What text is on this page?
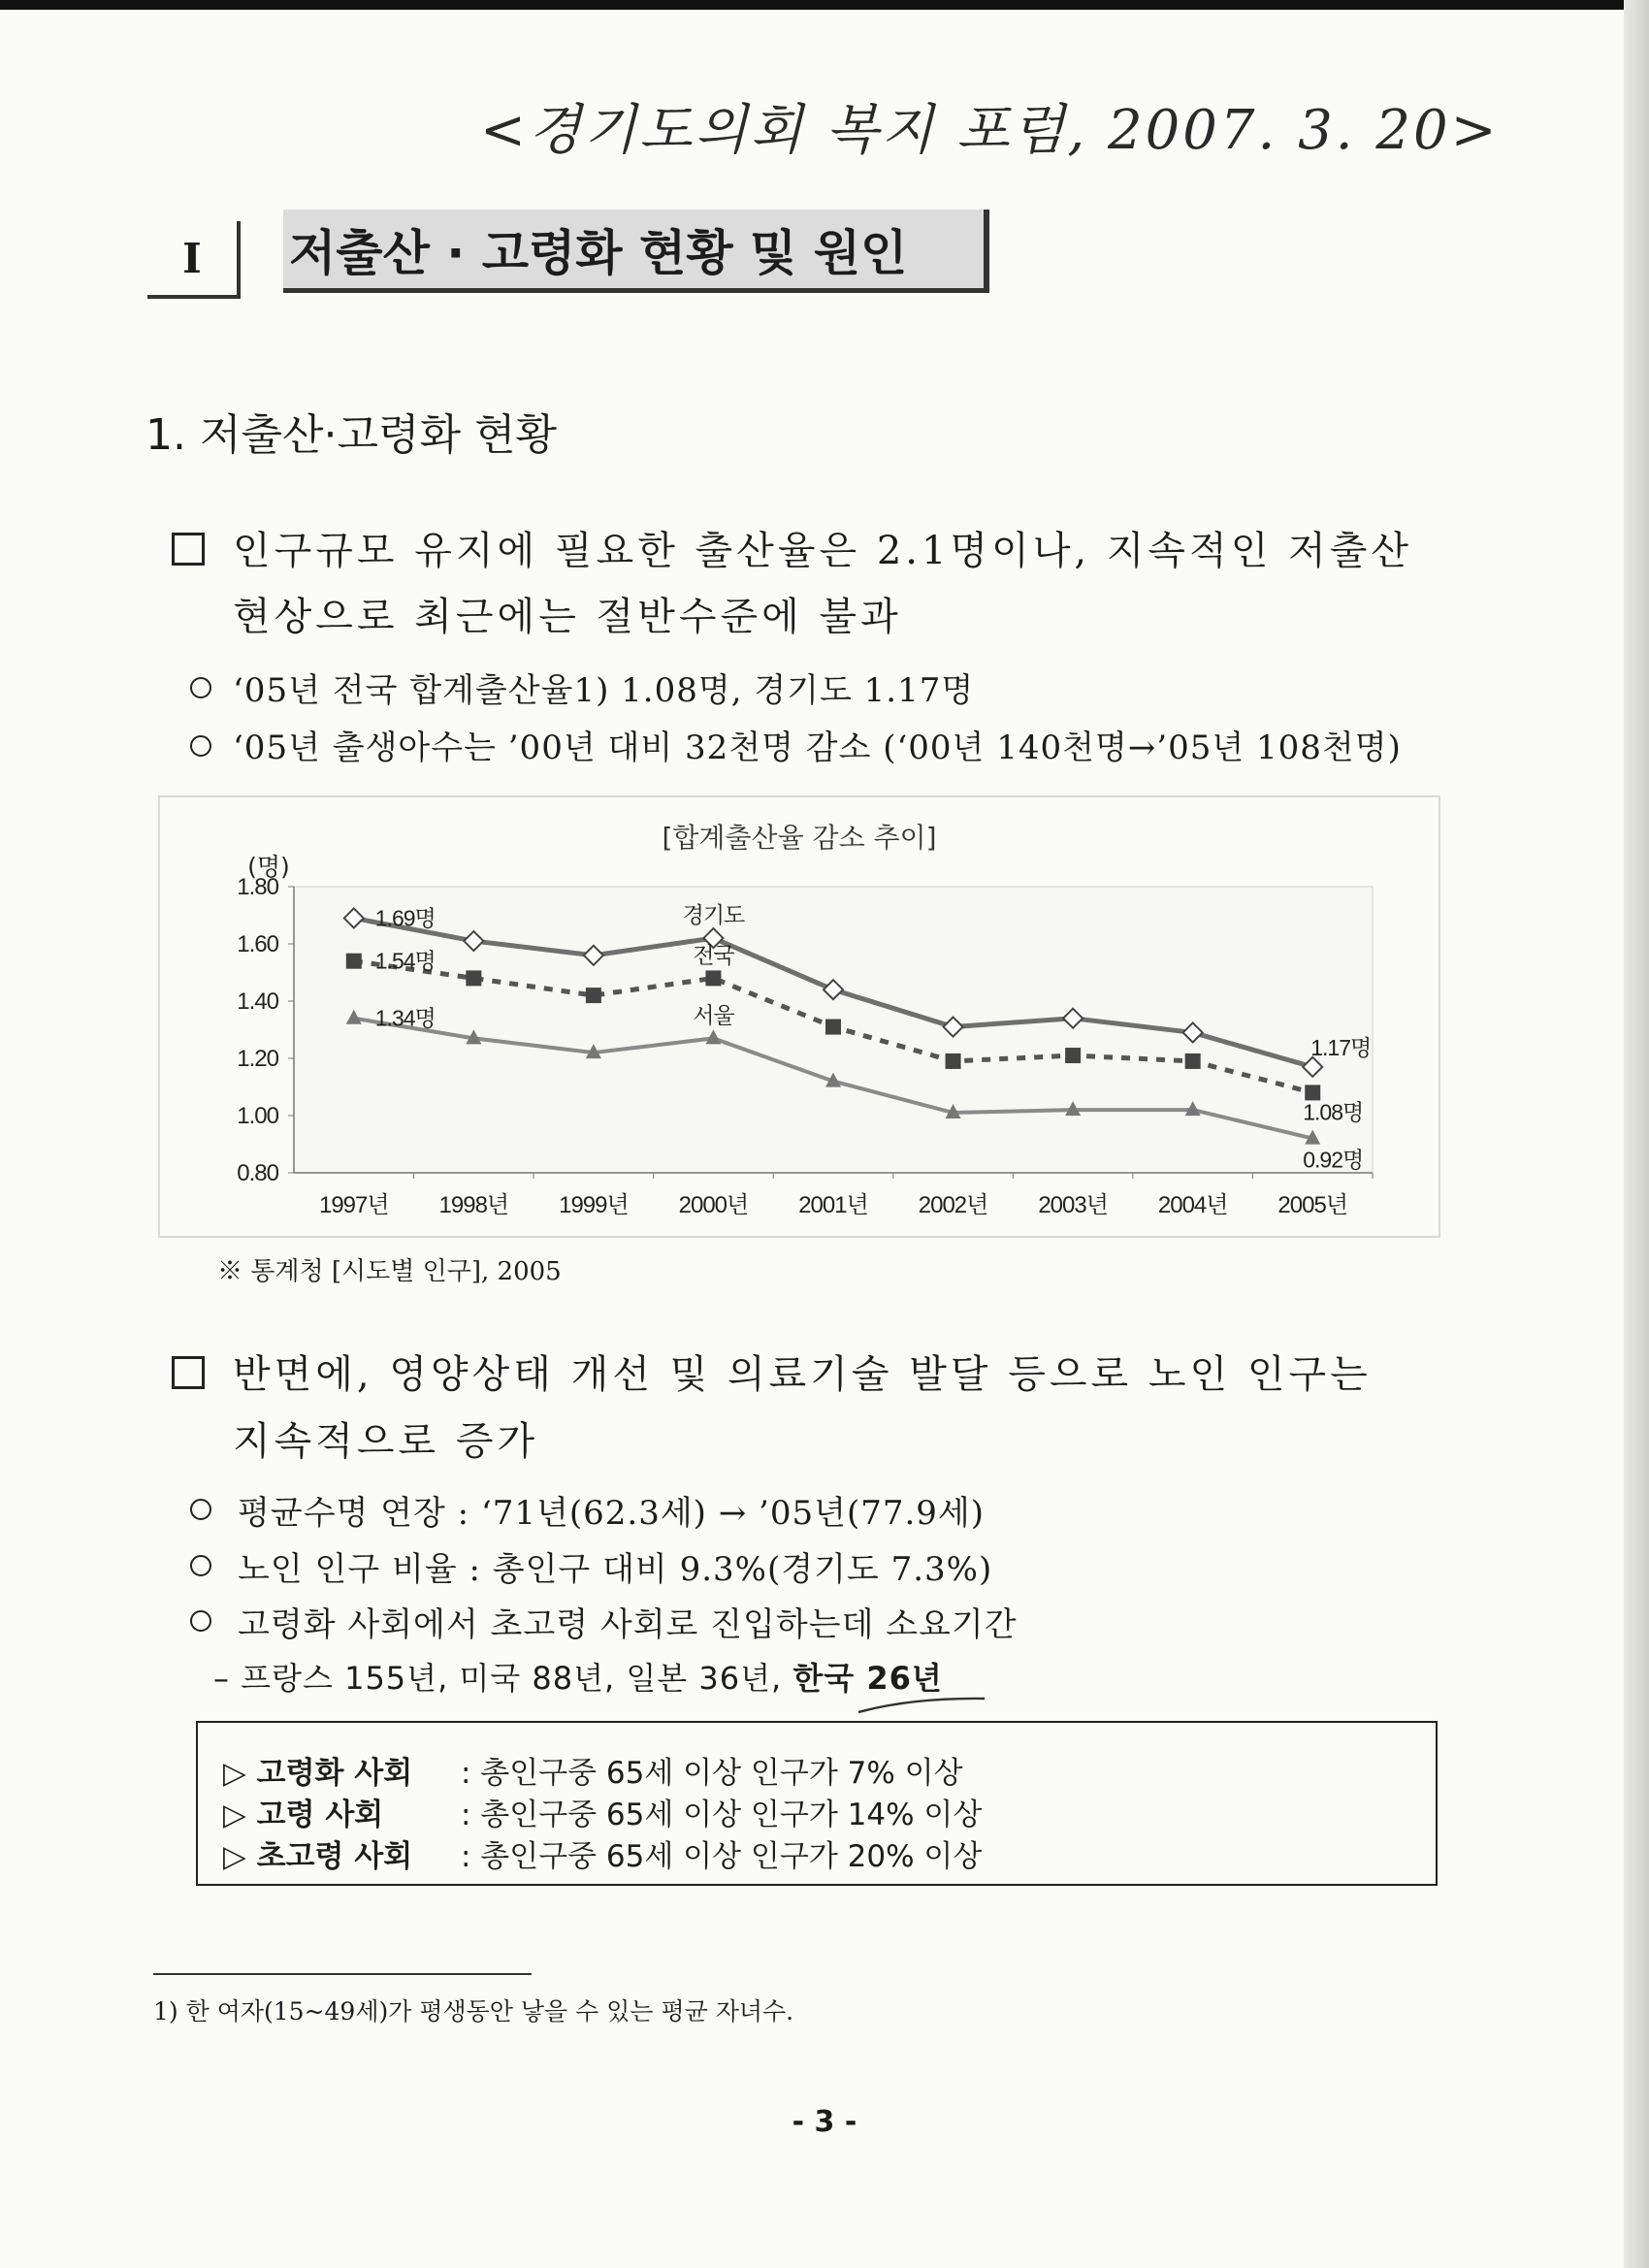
<경기도의회 복지 포럼, 2007. 3. 20>
I	저출산 · 고령화 현황 및 원인
1. 저출산·고령화 현황
인구규모 유지에 필요한 출산율은 2.1명이나, 지속적인 저출산
현상으로 최근에는 절반수준에 불과
‘05년 전국 합계출산율1) 1.08명, 경기도 1.17명
‘05년 출생아수는 ’00년 대비 32천명 감소 (‘00년 140천명→’05년 108천명)
[합계출산율 감소 추이]
1.80
1.60
1.40
1.20
1.00
0.80
(명)
1997년 1998년 1999년 2000년 2001년 2002년 2003년 2004년 2005년
1.69명
1.54명
1.34명
경기도
전국
서울
1.17명
1.08명
0.92명
※ 통계청 [시도별 인구], 2005
반면에, 영양상태 개선 및 의료기술 발달 등으로 노인 인구는
지속적으로 증가
평균수명 연장 : ‘71년(62.3세) → ’05년(77.9세)
노인 인구 비율 : 총인구 대비 9.3%(경기도 7.3%)
고령화 사회에서 초고령 사회로 진입하는데 소요기간
– 프랑스 155년, 미국 88년, 일본 36년, 한국 26년
▷ 고령화 사회 : 총인구중 65세 이상 인구가 7% 이상
▷ 고령 사회	: 총인구중 65세 이상 인구가 14% 이상
▷ 초고령 사회 : 총인구중 65세 이상 인구가 20% 이상
1) 한 여자(15~49세)가 평생동안 낳을 수 있는 평균 자녀수.
- 3 -
